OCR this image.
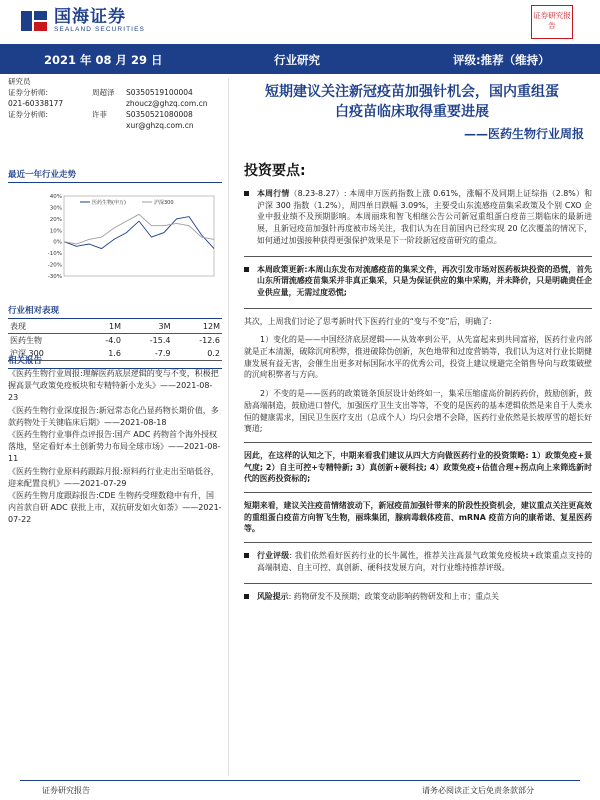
国海证券
SEALAND SECURITIES
证券研究报告
2021 年 08 月 29 日	行业研究	评级:推荐（维持）
研究员
证券分析师:	周超泽	S0350519100004
021-60338177	zhoucz@ghzq.com.cn
证券分析师:	许菲	S0350521080008
xur@ghzq.com.cn
最近一年行业走势
40%
30%
20%
10%
0%
-10%
-20%
-30%
医药生物(申万)	沪深300
行业相对表现
表现	1M	3M	12M
医药生物	-4.0	-15.4	-12.6
沪深 300	1.6	-7.9	0.2
相关报告

《医药生物行业周报:理解医药底层逻辑的变与不变，积极把握高景气政策免疫板块和专精特新小龙头》——2021-08-23

《医药生物行业深度报告:新冠常态化凸显药物长期价值，多款药物处于关键临床后期》——2021-08-18

《医药生物行业事件点评报告:国产 ADC 药物首个海外授权落地，坚定看好本土创新势力布局全球市场》——2021-08-11

《医药生物行业原料药跟踪月报:原料药行业走出至暗低谷，迎来配置良机》——2021-07-29

《医药生物月度跟踪报告:CDE 生物药受理数稳中有升，国内首款自研 ADC 获批上市，双抗研发如火如荼》——2021-07-22

短期建议关注新冠疫苗加强针机会，国内重组蛋
白疫苗临床取得重要进展
——医药生物行业周报
投资要点:
本周行情（8.23-8.27）: 本周申万医药指数上涨 0.61%，涨幅不及同期上证综指（2.8%）和沪深 300 指数（1.2%），周四单日跌幅 3.09%，主要受山东流感疫苗集采政策及个别 CXO 企业中报业绩不及预期影响。本周丽珠和智飞相继公告公司新冠重组蛋白疫苗三期临床的最新进展，且新冠疫苗加强针再度被市场关注，我们认为在目前国内已经实现 20 亿次覆盖的情况下，如何通过加强接种获得更强保护效果是下一阶段新冠疫苗研究的重点。
本周政策更新:本周山东发布对流感疫苗的集采文件，再次引发市场对医药板块投资的恐慌，首先山东所谓流感疫苗集采并非真正集采，只是为保证供应的集中采购，并未降价，只是明确责任企业供应量，无需过度恐慌;

其次，上周我们讨论了思考新时代下医药行业的“变与不变”后，明确了:

1）变化的是——中国经济底层逻辑——从效率到公平，从先富起来到共同富裕，医药行业内部就是正本清源，破除沉疴积弊，推进破除伪创新，灰色地带和过度营销等，我们认为这对行业长期健康发展有益无害，会催生出更多对标国际水平的优秀公司，投资上建议规避完全销售导向与政策破壁的沉疴积弊者与方向。

2）不变的是——医药的政策链条顶层设计始终如一，集采压缩虚高价制药药价，鼓励创新，鼓励高端制造，鼓励进口替代，加强医疗卫生支出等等，不变的是医药的基本逻辑依然是来自于人类永恒的健康需求，国民卫生医疗支出（总成个人）均只会增不会降，医药行业依然是长坡厚雪的超长好赛道;

因此，在这样的认知之下，中期来看我们建议从四大方向做医药行业的投资策略: 1）政策免疫+景气度; 2）自主可控+专精特新; 3）真创新+硬科技; 4）政策免疫+估值合理+拐点向上来筛选新时代的医药投资标的;

短期来看，建议关注疫苗情绪波动下，新冠疫苗加强针带来的阶段性投资机会，建议重点关注更高效的重组蛋白疫苗方向智飞生物，丽珠集团，腺病毒载体疫苗、mRNA 疫苗方向的康希诺、复星医药等。

行业评级: 我们依然看好医药行业的长牛属性，推荐关注高景气政策免疫板块+政策重点支持的高端制造、自主可控、真创新、硬科技发展方向，对行业维持推荐评级。
风险提示: 药物研发不及预期；政策变动影响药物研发和上市；重点关
证券研究报告	请务必阅读正文后免责条款部分
